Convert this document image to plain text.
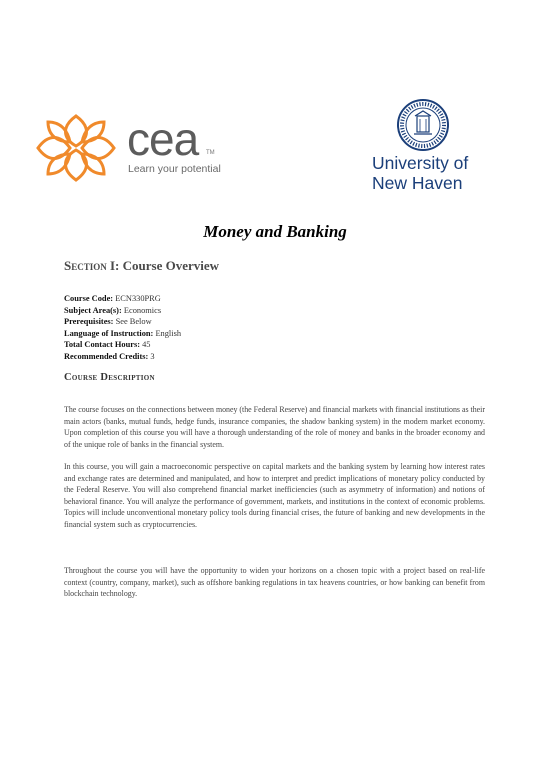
cea TM
Learn your potential	University of
New Haven
Money and Banking
Section I: Course Overview
Course Code: ECN330PRG
Subject Area(s): Economics
Prerequisites: See Below
Language of Instruction: English
Total Contact Hours: 45
Recommended Credits: 3
Course Description

The course focuses on the connections between money (the Federal Reserve) and financial markets with financial institutions as their main actors (banks, mutual funds, hedge funds, insurance companies, the shadow banking system) in the modern market economy. Upon completion of this course you will have a thorough understanding of the role of money and banks in the broader economy and of the unique role of banks in the financial system.

In this course, you will gain a macroeconomic perspective on capital markets and the banking system by learning how interest rates and exchange rates are determined and manipulated, and how to interpret and predict implications of monetary policy conducted by the Federal Reserve. You will also comprehend financial market inefficiencies (such as asymmetry of information) and notions of behavioral finance. You will analyze the performance of government, markets, and institutions in the context of economic problems. Topics will include unconventional monetary policy tools during financial crises, the future of banking and new developments in the financial system such as cryptocurrencies.

Throughout the course you will have the opportunity to widen your horizons on a chosen topic with a project based on real-life context (country, company, market), such as offshore banking regulations in tax heavens countries, or how banking can benefit from blockchain technology.
